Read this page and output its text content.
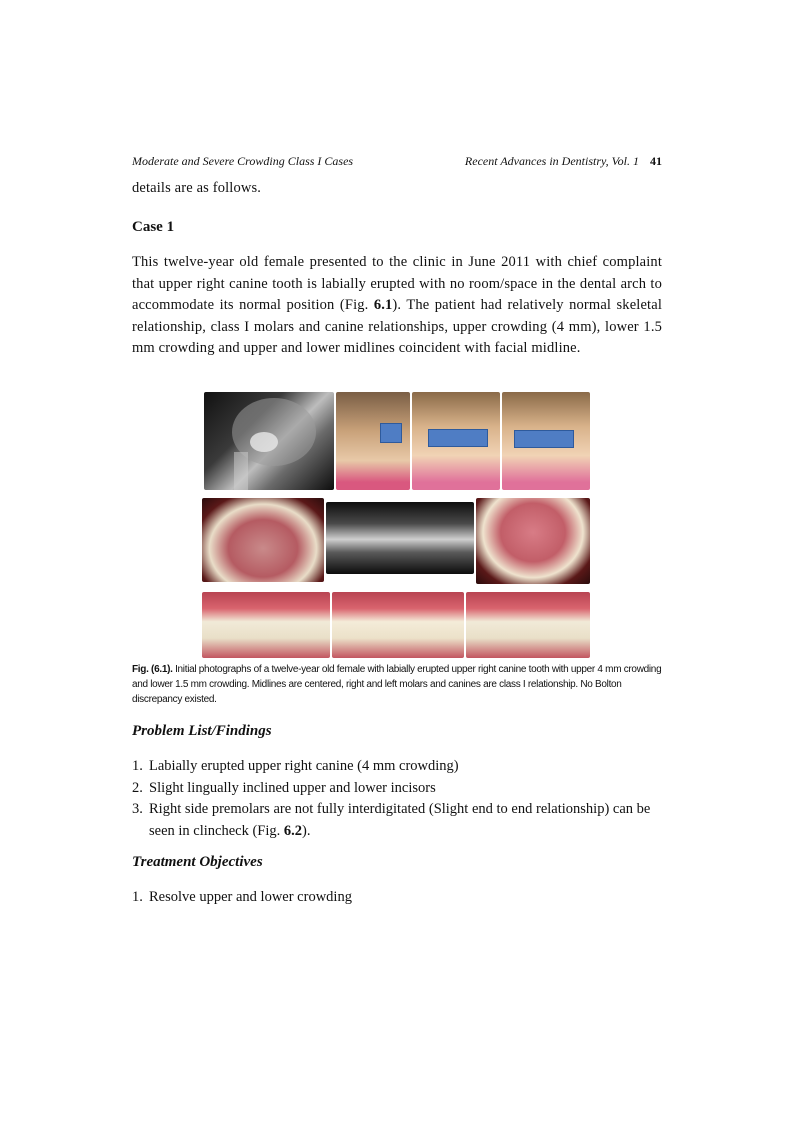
Moderate and Severe Crowding Class I Cases	Recent Advances in Dentistry, Vol. 1 41
details are as follows.
Case 1
This twelve-year old female presented to the clinic in June 2011 with chief complaint that upper right canine tooth is labially erupted with no room/space in the dental arch to accommodate its normal position (Fig. 6.1). The patient had relatively normal skeletal relationship, class I molars and canine relationships, upper crowding (4 mm), lower 1.5 mm crowding and upper and lower midlines coincident with facial midline.
Fig. (6.1). Initial photographs of a twelve-year old female with labially erupted upper right canine tooth with upper 4 mm crowding and lower 1.5 mm crowding. Midlines are centered, right and left molars and canines are class I relationship. No Bolton discrepancy existed.
Problem List/Findings
1. Labially erupted upper right canine (4 mm crowding)
2. Slight lingually inclined upper and lower incisors
3. Right side premolars are not fully interdigitated (Slight end to end relationship) can be seen in clincheck (Fig. 6.2).
Treatment Objectives
1. Resolve upper and lower crowding
